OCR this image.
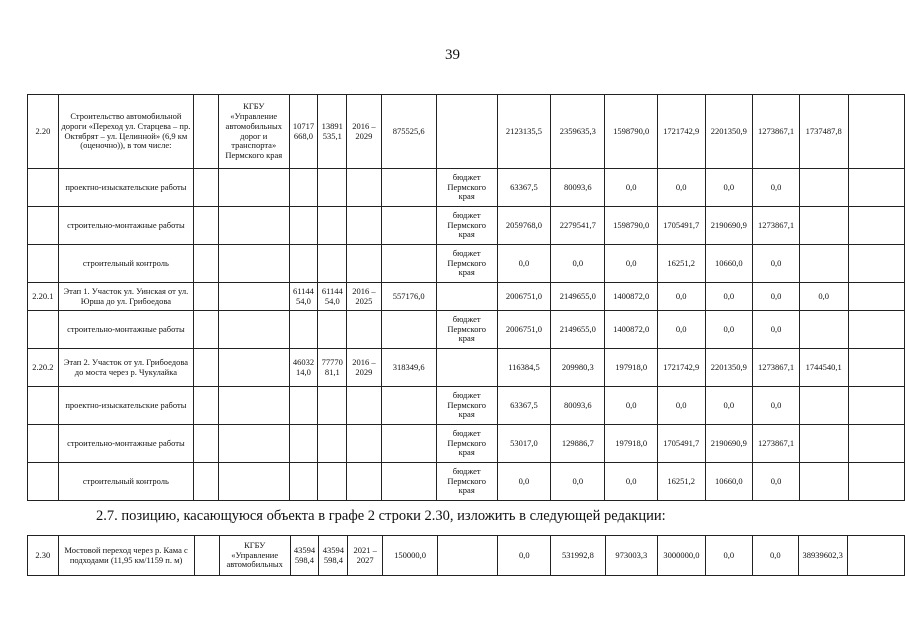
39
2.20	Строительство автомобильной дороги «Переход ул. Старцева – пр. Октябрят – ул. Целинной» (6,9 км (оценочно)), в том числе:		КГБУ «Управление автомобильных дорог и транспорта» Пермского края	10717 668,0	13891 535,1	2016 – 2029	875525,6		2123135,5	2359635,3	1598790,0	1721742,9	2201350,9	1273867,1	1737487,8	
	проектно-изыскательские работы							бюджет Пермского края	63367,5	80093,6	0,0	0,0	0,0	0,0		
	строительно-монтажные работы							бюджет Пермского края	2059768,0	2279541,7	1598790,0	1705491,7	2190690,9	1273867,1		
	строительный контроль							бюджет Пермского края	0,0	0,0	0,0	16251,2	10660,0	0,0		
2.20.1	Этап 1. Участок ул. Уинская от ул. Юрша до ул. Грибоедова			61144 54,0	61144 54,0	2016 – 2025	557176,0		2006751,0	2149655,0	1400872,0	0,0	0,0	0,0	0,0	
	строительно-монтажные работы							бюджет Пермского края	2006751,0	2149655,0	1400872,0	0,0	0,0	0,0		
2.20.2	Этап 2. Участок от ул. Грибоедова до моста через р. Чукулайка			46032 14,0	77770 81,1	2016 – 2029	318349,6		116384,5	209980,3	197918,0	1721742,9	2201350,9	1273867,1	1744540,1	
	проектно-изыскательские работы							бюджет Пермского края	63367,5	80093,6	0,0	0,0	0,0	0,0		
	строительно-монтажные работы							бюджет Пермского края	53017,0	129886,7	197918,0	1705491,7	2190690,9	1273867,1		
	строительный контроль							бюджет Пермского края	0,0	0,0	0,0	16251,2	10660,0	0,0		
2.7. позицию, касающуюся объекта в графе 2 строки 2.30, изложить в следующей редакции:
2.30	Мостовой переход через р. Кама с подходами (11,95 км/1159 п. м)		КГБУ «Управление автомобильных	43594 598,4	43594 598,4	2021 – 2027	150000,0		0,0	531992,8	973003,3	3000000,0	0,0	0,0	38939602,3	
